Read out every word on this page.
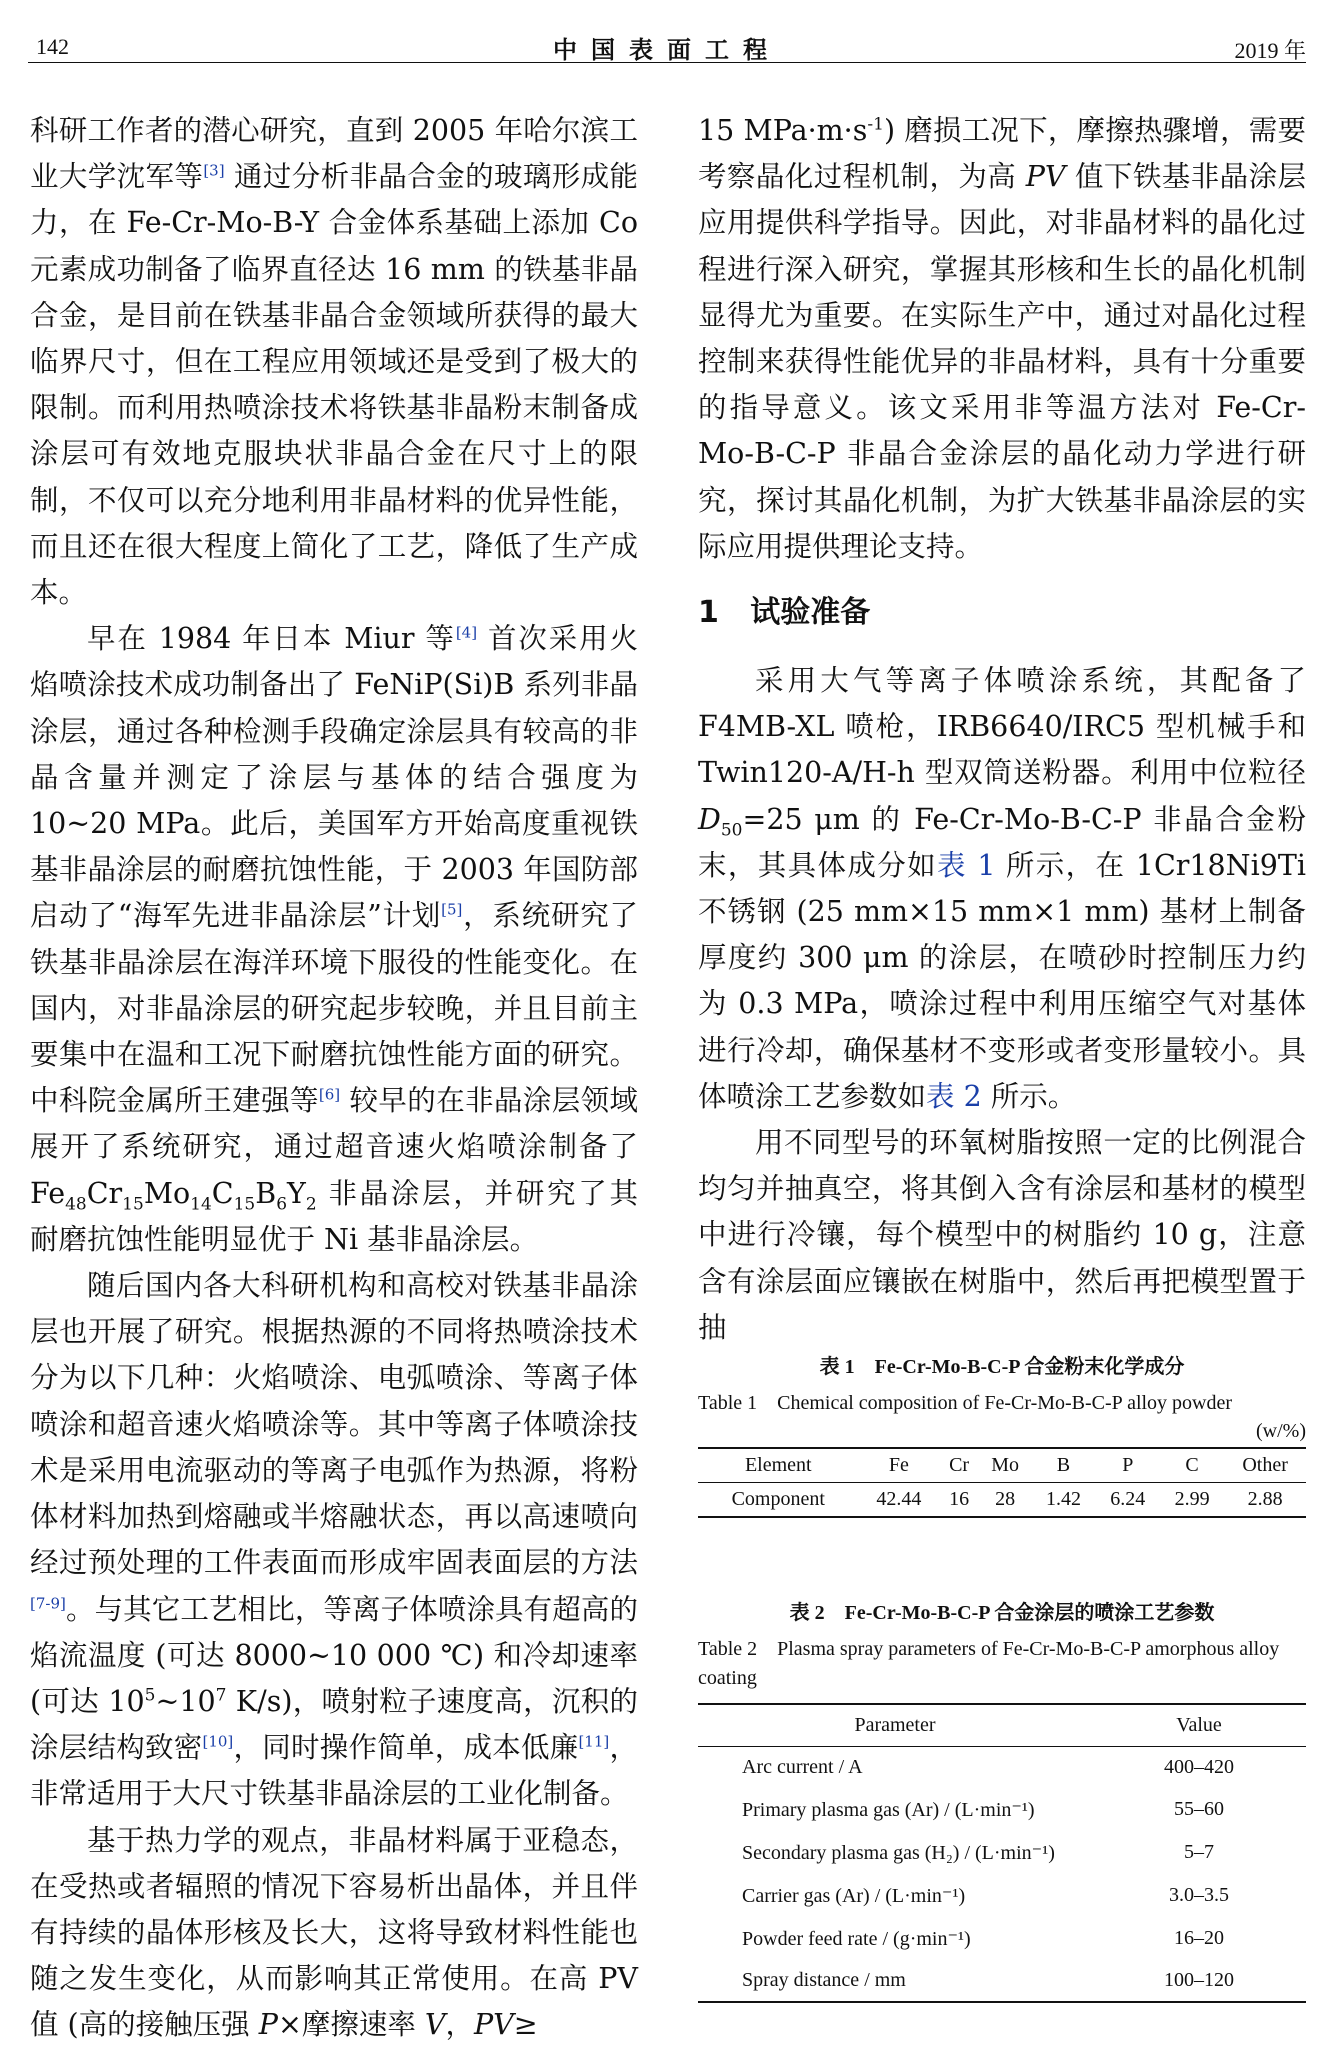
142	中国表面工程	2019 年

科研工作者的潜心研究，直到 2005 年哈尔滨工业大学沈军等[3] 通过分析非晶合金的玻璃形成能力，在 Fe-Cr-Mo-B-Y 合金体系基础上添加 Co 元素成功制备了临界直径达 16 mm 的铁基非晶合金，是目前在铁基非晶合金领域所获得的最大临界尺寸，但在工程应用领域还是受到了极大的限制。而利用热喷涂技术将铁基非晶粉末制备成涂层可有效地克服块状非晶合金在尺寸上的限制，不仅可以充分地利用非晶材料的优异性能，而且还在很大程度上简化了工艺，降低了生产成本。

早在 1984 年日本 Miur 等[4] 首次采用火焰喷涂技术成功制备出了 FeNiP(Si)B 系列非晶涂层，通过各种检测手段确定涂层具有较高的非晶含量并测定了涂层与基体的结合强度为 10~20 MPa。此后，美国军方开始高度重视铁基非晶涂层的耐磨抗蚀性能，于 2003 年国防部启动了“海军先进非晶涂层”计划[5]，系统研究了铁基非晶涂层在海洋环境下服役的性能变化。在国内，对非晶涂层的研究起步较晚，并且目前主要集中在温和工况下耐磨抗蚀性能方面的研究。中科院金属所王建强等[6] 较早的在非晶涂层领域展开了系统研究，通过超音速火焰喷涂制备了 $Fe_{48}Cr_{15}Mo_{14}C_{15}B_6Y_2$ 非晶涂层，并研究了其耐磨抗蚀性能明显优于 Ni 基非晶涂层。

随后国内各大科研机构和高校对铁基非晶涂层也开展了研究。根据热源的不同将热喷涂技术分为以下几种：火焰喷涂、电弧喷涂、等离子体喷涂和超音速火焰喷涂等。其中等离子体喷涂技术是采用电流驱动的等离子电弧作为热源，将粉体材料加热到熔融或半熔融状态，再以高速喷向经过预处理的工件表面而形成牢固表面层的方法[7-9]。与其它工艺相比，等离子体喷涂具有超高的焰流温度 (可达 8000~10 000 ℃) 和冷却速率 (可达 $10^5\sim 10^7$ K/s)，喷射粒子速度高，沉积的涂层结构致密[10]，同时操作简单，成本低廉[11]，非常适用于大尺寸铁基非晶涂层的工业化制备。

基于热力学的观点，非晶材料属于亚稳态，在受热或者辐照的情况下容易析出晶体，并且伴有持续的晶体形核及长大，这将导致材料性能也随之发生变化，从而影响其正常使用。在高 PV 值 (高的接触压强 P×摩擦速率 V，PV≥

15 $MPa\cdot m\cdot s^{-1}$) 磨损工况下，摩擦热骤增，需要考察晶化过程机制，为高 PV 值下铁基非晶涂层应用提供科学指导。因此，对非晶材料的晶化过程进行深入研究，掌握其形核和生长的晶化机制显得尤为重要。在实际生产中，通过对晶化过程控制来获得性能优异的非晶材料，具有十分重要的指导意义。该文采用非等温方法对 Fe-Cr-Mo-B-C-P 非晶合金涂层的晶化动力学进行研究，探讨其晶化机制，为扩大铁基非晶涂层的实际应用提供理论支持。

1 试验准备

采用大气等离子体喷涂系统，其配备了 F4MB-XL 喷枪，IRB6640/IRC5 型机械手和 Twin120-A/H-h 型双筒送粉器。利用中位粒径 $D_{50}=25$ μm 的 Fe-Cr-Mo-B-C-P 非晶合金粉末，其具体成分如表 1 所示，在 1Cr18Ni9Ti 不锈钢 (25 mm×15 mm×1 mm) 基材上制备厚度约 300 μm 的涂层，在喷砂时控制压力约为 0.3 MPa，喷涂过程中利用压缩空气对基体进行冷却，确保基材不变形或者变形量较小。具体喷涂工艺参数如表 2 所示。

用不同型号的环氧树脂按照一定的比例混合均匀并抽真空，将其倒入含有涂层和基材的模型中进行冷镶，每个模型中的树脂约 10 g，注意含有涂层面应镶嵌在树脂中，然后再把模型置于抽

表 1　Fe-Cr-Mo-B-C-P 合金粉末化学成分
Table 1　Chemical composition of Fe-Cr-Mo-B-C-P alloy powder
(w/%)
Element	Fe	Cr	Mo	B	P	C	Other
Component	42.44	16	28	1.42	6.24	2.99	2.88
表 2　Fe-Cr-Mo-B-C-P 合金涂层的喷涂工艺参数
Table 2　Plasma spray parameters of Fe-Cr-Mo-B-C-P amorphous alloy coating
Parameter	Value
Arc current / A	400–420
Primary plasma gas (Ar) / (L·min⁻¹)	55–60
Secondary plasma gas (H₂) / (L·min⁻¹)	5–7
Carrier gas (Ar) / (L·min⁻¹)	3.0–3.5
Powder feed rate / (g·min⁻¹)	16–20
Spray distance / mm	100–120
